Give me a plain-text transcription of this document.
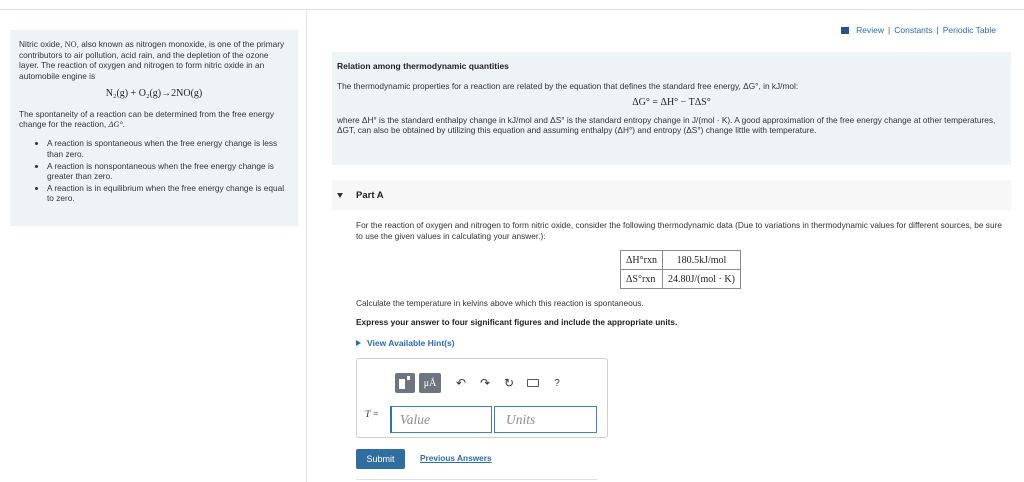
Nitric oxide, NO, also known as nitrogen monoxide, is one of the primary contributors to air pollution, acid rain, and the depletion of the ozone layer. The reaction of oxygen and nitrogen to form nitric oxide in an automobile engine is

N₂(g) + O₂(g)→2NO(g)

The spontaneity of a reaction can be determined from the free energy change for the reaction, ΔG°.

• A reaction is spontaneous when the free energy change is less than zero.
• A reaction is nonspontaneous when the free energy change is greater than zero.
• A reaction is in equilibrium when the free energy change is equal to zero.
Review | Constants | Periodic Table
Relation among thermodynamic quantities

The thermodynamic properties for a reaction are related by the equation that defines the standard free energy, ΔG°, in kJ/mol:

ΔG° = ΔH° − TΔS°

where ΔH° is the standard enthalpy change in kJ/mol and ΔS° is the standard entropy change in J/(mol · K). A good approximation of the free energy change at other temperatures, ΔGT, can also be obtained by utilizing this equation and assuming enthalpy (ΔH°) and entropy (ΔS°) change little with temperature.

Part A

For the reaction of oxygen and nitrogen to form nitric oxide, consider the following thermodynamic data (Due to variations in thermodynamic values for different sources, be sure to use the given values in calculating your answer.):

ΔH°rxn	180.5kJ/mol
ΔS°rxn	24.80J/(mol · K)
Calculate the temperature in kelvins above which this reaction is spontaneous.
Express your answer to four significant figures and include the appropriate units.
View Available Hint(s)
μÅ	↶	↷	↻	?
T =
Value
Units
Submit	Previous Answers
